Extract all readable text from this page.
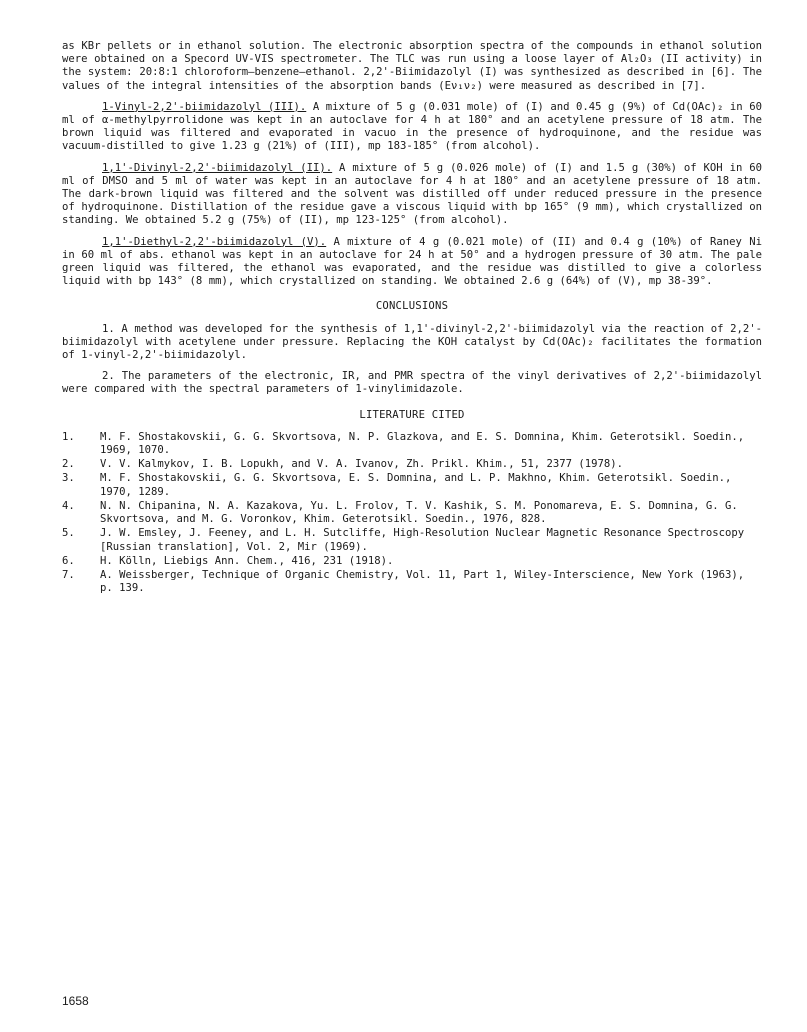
as KBr pellets or in ethanol solution. The electronic absorption spectra of the compounds in ethanol solution were obtained on a Specord UV-VIS spectrometer. The TLC was run using a loose layer of Al₂O₃ (II activity) in the system: 20:8:1 chloroform–benzene–ethanol. 2,2'-Biimidazolyl (I) was synthesized as described in [6]. The values of the integral intensities of the absorption bands (Eν₁ν₂) were measured as described in [7].

1-Vinyl-2,2'-biimidazolyl (III). A mixture of 5 g (0.031 mole) of (I) and 0.45 g (9%) of Cd(OAc)₂ in 60 ml of α-methylpyrrolidone was kept in an autoclave for 4 h at 180° and an acetylene pressure of 18 atm. The brown liquid was filtered and evaporated in vacuo in the presence of hydroquinone, and the residue was vacuum-distilled to give 1.23 g (21%) of (III), mp 183-185° (from alcohol).

1,1'-Divinyl-2,2'-biimidazolyl (II). A mixture of 5 g (0.026 mole) of (I) and 1.5 g (30%) of KOH in 60 ml of DMSO and 5 ml of water was kept in an autoclave for 4 h at 180° and an acetylene pressure of 18 atm. The dark-brown liquid was filtered and the solvent was distilled off under reduced pressure in the presence of hydroquinone. Distillation of the residue gave a viscous liquid with bp 165° (9 mm), which crystallized on standing. We obtained 5.2 g (75%) of (II), mp 123-125° (from alcohol).

1,1'-Diethyl-2,2'-biimidazolyl (V). A mixture of 4 g (0.021 mole) of (II) and 0.4 g (10%) of Raney Ni in 60 ml of abs. ethanol was kept in an autoclave for 24 h at 50° and a hydrogen pressure of 30 atm. The pale green liquid was filtered, the ethanol was evaporated, and the residue was distilled to give a colorless liquid with bp 143° (8 mm), which crystallized on standing. We obtained 2.6 g (64%) of (V), mp 38-39°.

CONCLUSIONS

1. A method was developed for the synthesis of 1,1'-divinyl-2,2'-biimidazolyl via the reaction of 2,2'-biimidazolyl with acetylene under pressure. Replacing the KOH catalyst by Cd(OAc)₂ facilitates the formation of 1-vinyl-2,2'-biimidazolyl.

2. The parameters of the electronic, IR, and PMR spectra of the vinyl derivatives of 2,2'-biimidazolyl were compared with the spectral parameters of 1-vinylimidazole.

LITERATURE CITED
1.	M. F. Shostakovskii, G. G. Skvortsova, N. P. Glazkova, and E. S. Domnina, Khim. Geterotsikl. Soedin., 1969, 1070.
2.	V. V. Kalmykov, I. B. Lopukh, and V. A. Ivanov, Zh. Prikl. Khim., 51, 2377 (1978).
3.	M. F. Shostakovskii, G. G. Skvortsova, E. S. Domnina, and L. P. Makhno, Khim. Geterotsikl. Soedin., 1970, 1289.
4.	N. N. Chipanina, N. A. Kazakova, Yu. L. Frolov, T. V. Kashik, S. M. Ponomareva, E. S. Domnina, G. G. Skvortsova, and M. G. Voronkov, Khim. Geterotsikl. Soedin., 1976, 828.
5.	J. W. Emsley, J. Feeney, and L. H. Sutcliffe, High-Resolution Nuclear Magnetic Resonance Spectroscopy [Russian translation], Vol. 2, Mir (1969).
6.	H. Kölln, Liebigs Ann. Chem., 416, 231 (1918).
7.	A. Weissberger, Technique of Organic Chemistry, Vol. 11, Part 1, Wiley-Interscience, New York (1963), p. 139.
1658
